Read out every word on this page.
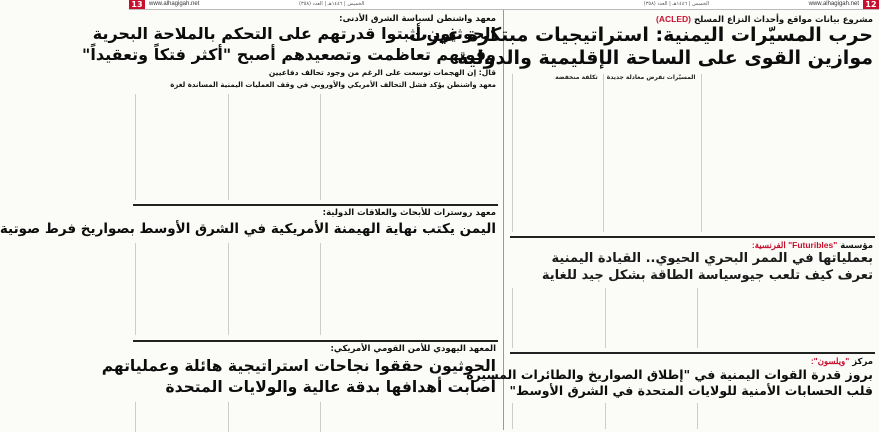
13	www.alhagigah.net	الخميس | ١٤٤٦هـ | العدد (٣٥٨)	الخميس | ١٤٤٦هـ | العدد (٣٥٨)	www.alhagigah.net 12
مشروع بيانات مواقع وأحداث النزاع المسلح (ACLED)
حرب المسيّرات اليمنية: استراتيجيات مبتكرة غيرت
موازين القوى على الساحة الإقليمية والدولية
المسيّرات تفرض معادلة جديدة
تكلفة منخفضة
مؤسسة "Futuribles" الفرنسية:
بعملياتها في الممر البحري الحيوي.. القيادة اليمنية
تعرف كيف تلعب جيوسياسة الطاقة بشكل جيد للغاية
مركز "ويلسون":
بروز قدرة القوات اليمنية في "إطلاق الصواريخ والطائرات المسيرة
قلب الحسابات الأمنية للولايات المتحدة في الشرق الأوسط"
معهد واشنطن لسياسة الشرق الأدنى:
الحوثيون أثبتوا قدرتهم على التحكم بالملاحة البحرية
وقوتهم تعاظمت وتصعيدهم أصبح "أكثر فتكاً وتعقيداً"
قال: إن الهجمات توسعت على الرغم من وجود تحالف دفاعيين
معهد واشنطن يؤكد فشل التحالف الأمريكي والأوروبي في وقف العمليات اليمنية المساندة لغزة
معهد روسترات للأبحاث والعلاقات الدولية:
اليمن يكتب نهاية الهيمنة الأمريكية في الشرق الأوسط بصواريخ فرط صوتية
المعهد اليهودي للأمن القومي الأمريكي:
الحوثيون حققوا نجاحات استراتيجية هائلة وعملياتهم
أصابت أهدافها بدقة عالية والولايات المتحدة
